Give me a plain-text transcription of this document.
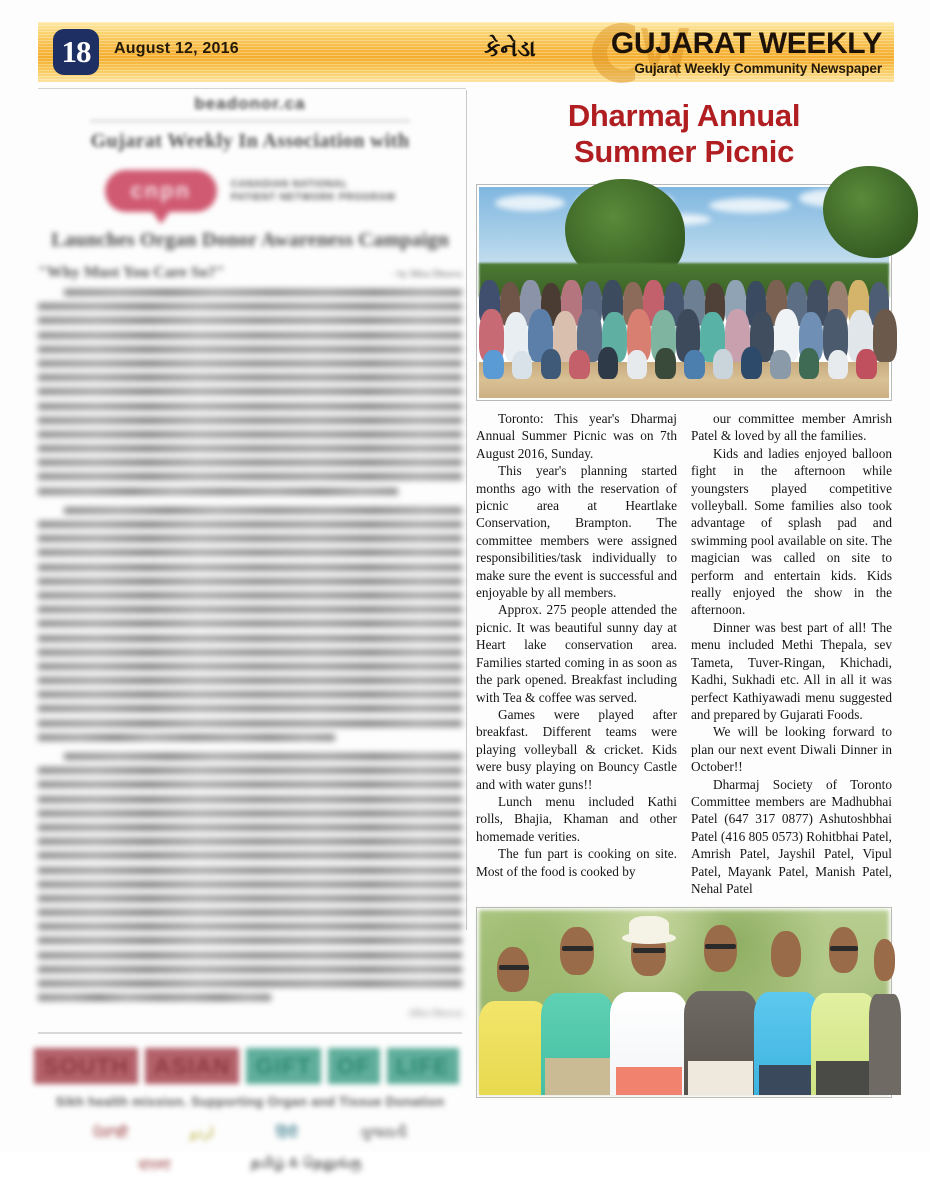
18	August 12, 2016	કેનેડા	GUJARAT WEEKLY
Gujarat Weekly Community Newspaper
beadonor.ca
Gujarat Weekly In Association with
cnpn	CANADIAN NATIONAL
PATIENT NETWORK PROGRAM
Launches Organ Donor Awareness Campaign
"Why Must You Care So?"	- by Mira Dhruva
(Mira Dhruva)
SOUTH	ASIAN	GIFT	OF	LIFE
Sikh health mission. Supporting Organ and Tissue Donation
ਪੰਜਾਬੀ	اردو	हिंदी	ગુજરાતી
বাংলা	தமிழ் & தெலுங்கு
Dharmaj Annual
Summer Picnic

Toronto: This year's Dharmaj Annual Summer Picnic was on 7th August 2016, Sunday.

This year's planning started months ago with the reservation of picnic area at Heartlake Conservation, Brampton. The committee members were assigned responsibilities/task individually to make sure the event is successful and enjoyable by all members.

Approx. 275 people attended the picnic. It was beautiful sunny day at Heart lake conservation area. Families started coming in as soon as the park opened. Breakfast including with Tea & coffee was served.

Games were played after breakfast. Different teams were playing volleyball & cricket. Kids were busy playing on Bouncy Castle and with water guns!!

Lunch menu included Kathi rolls, Bhajia, Khaman and other homemade verities.

The fun part is cooking on site. Most of the food is cooked by

our committee member Amrish Patel & loved by all the families.

Kids and ladies enjoyed balloon fight in the afternoon while youngsters played competitive volleyball. Some families also took advantage of splash pad and swimming pool available on site. The magician was called on site to perform and entertain kids. Kids really enjoyed the show in the afternoon.

Dinner was best part of all! The menu included Methi Thepala, sev Tameta, Tuver-Ringan, Khichadi, Kadhi, Sukhadi etc. All in all it was perfect Kathiyawadi menu suggested and prepared by Gujarati Foods.

We will be looking forward to plan our next event Diwali Dinner in October!!

Dharmaj Society of Toronto Committee members are Madhubhai Patel (647 317 0877) Ashutoshbhai Patel (416 805 0573) Rohitbhai Patel, Amrish Patel, Jayshil Patel, Vipul Patel, Mayank Patel, Manish Patel, Nehal Patel
